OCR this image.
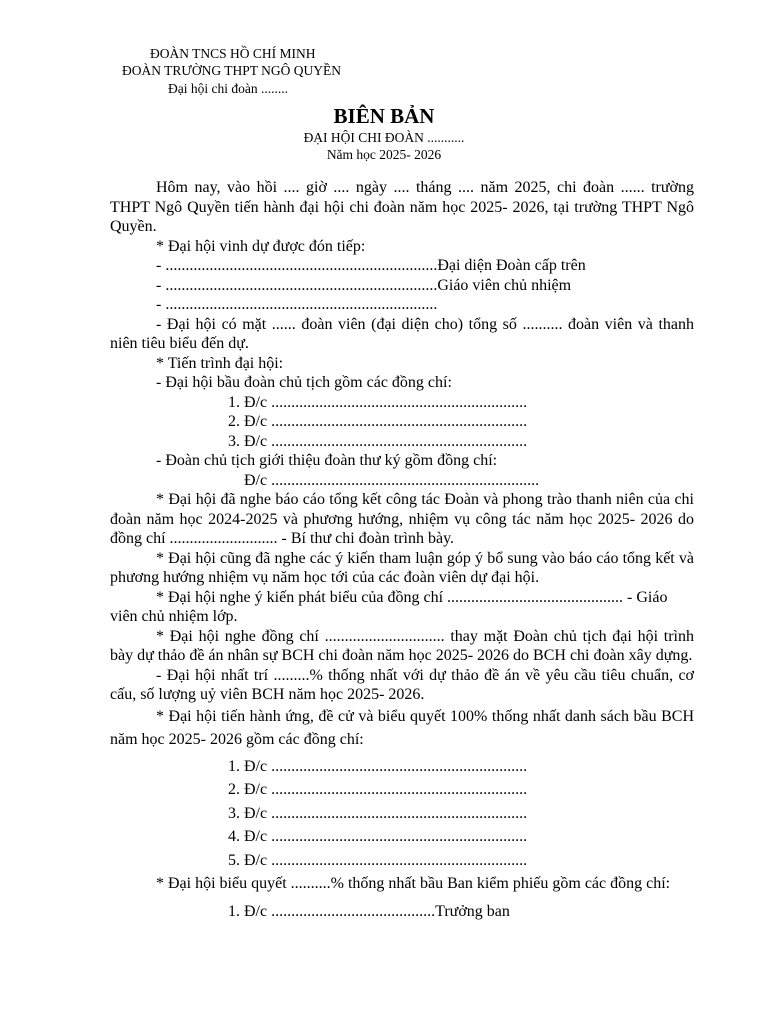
ĐOÀN TNCS HỒ CHÍ MINH
ĐOÀN TRƯỜNG THPT NGÔ QUYỀN
Đại hội chi đoàn ........
BIÊN BẢN
ĐẠI HỘI CHI ĐOÀN ...........
Năm học 2025- 2026

Hôm nay, vào hồi .... giờ .... ngày .... tháng .... năm 2025, chi đoàn ...... trường THPT Ngô Quyền tiến hành đại hội chi đoàn năm học 2025- 2026, tại trường THPT Ngô Quyền.

* Đại hội vinh dự được đón tiếp:

- ....................................................................Đại diện Đoàn cấp trên

- ....................................................................Giáo viên chủ nhiệm

- ....................................................................

- Đại hội có mặt ...... đoàn viên (đại diện cho) tổng số .......... đoàn viên và thanh niên tiêu biểu đến dự.

* Tiến trình đại hội:

- Đại hội bầu đoàn chủ tịch gồm các đồng chí:

1. Đ/c ................................................................

2. Đ/c ................................................................

3. Đ/c ................................................................

- Đoàn chủ tịch giới thiệu đoàn thư ký gồm đồng chí:

Đ/c ...................................................................

* Đại hội đã nghe báo cáo tổng kết công tác Đoàn và phong trào thanh niên của chi đoàn năm học 2024-2025 và phương hướng, nhiệm vụ công tác năm học 2025- 2026 do đồng chí ........................... - Bí thư chi đoàn trình bày.

* Đại hội cũng đã nghe các ý kiến tham luận góp ý bổ sung vào báo cáo tổng kết và phương hướng nhiệm vụ năm học tới của các đoàn viên dự đại hội.

* Đại hội nghe ý kiến phát biểu của đồng chí ............................................ - Giáo viên chủ nhiệm lớp.

* Đại hội nghe đồng chí .............................. thay mặt Đoàn chủ tịch đại hội trình bày dự thảo đề án nhân sự BCH chi đoàn năm học 2025- 2026 do BCH chi đoàn xây dựng.

- Đại hội nhất trí .........% thống nhất với dự thảo đề án về yêu cầu tiêu chuẩn, cơ cấu, số lượng uỷ viên BCH năm học 2025- 2026.

* Đại hội tiến hành ứng, đề cử và biểu quyết 100% thống nhất danh sách bầu BCH năm học 2025- 2026 gồm các đồng chí:

1. Đ/c ................................................................

2. Đ/c ................................................................

3. Đ/c ................................................................

4. Đ/c ................................................................

5. Đ/c ................................................................

* Đại hội biểu quyết ..........% thống nhất bầu Ban kiểm phiếu gồm các đồng chí:

1. Đ/c .........................................Trưởng ban
